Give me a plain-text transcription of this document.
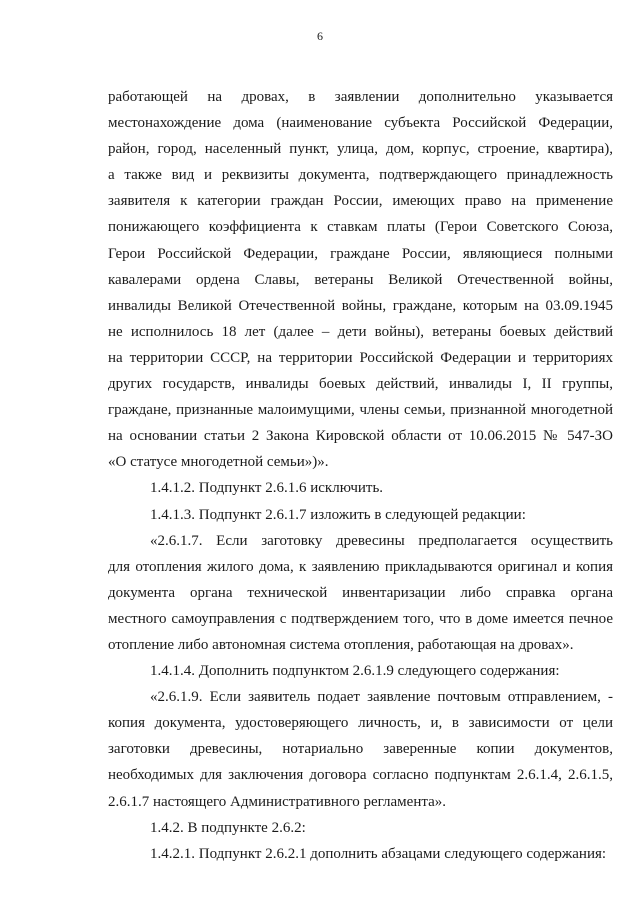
6

работающей на дровах, в заявлении дополнительно указывается

местонахождение дома (наименование субъекта Российской Федерации,

район, город, населенный пункт, улица, дом, корпус, строение, квартира),

а также вид и реквизиты документа, подтверждающего принадлежность

заявителя к категории граждан России, имеющих право на применение

понижающего коэффициента к ставкам платы (Герои Советского Союза,

Герои Российской Федерации, граждане России, являющиеся полными

кавалерами ордена Славы, ветераны Великой Отечественной войны,

инвалиды Великой Отечественной войны, граждане, которым на 03.09.1945

не исполнилось 18 лет (далее – дети войны), ветераны боевых действий

на территории СССР, на территории Российской Федерации и территориях

других государств, инвалиды боевых действий, инвалиды I, II группы,

граждане, признанные малоимущими, члены семьи, признанной многодетной

на основании статьи 2 Закона Кировской области от 10.06.2015 № 547-ЗО

«О статусе многодетной семьи»)».

1.4.1.2. Подпункт 2.6.1.6 исключить.

1.4.1.3. Подпункт 2.6.1.7 изложить в следующей редакции:

«2.6.1.7. Если заготовку древесины предполагается осуществить

для отопления жилого дома, к заявлению прикладываются оригинал и копия

документа органа технической инвентаризации либо справка органа

местного самоуправления с подтверждением того, что в доме имеется печное

отопление либо автономная система отопления, работающая на дровах».

1.4.1.4. Дополнить подпунктом 2.6.1.9 следующего содержания:

«2.6.1.9. Если заявитель подает заявление почтовым отправлением, -

копия документа, удостоверяющего личность, и, в зависимости от цели

заготовки древесины, нотариально заверенные копии документов,

необходимых для заключения договора согласно подпунктам 2.6.1.4, 2.6.1.5,

2.6.1.7 настоящего Административного регламента».

1.4.2. В подпункте 2.6.2:

1.4.2.1. Подпункт 2.6.2.1 дополнить абзацами следующего содержания:
